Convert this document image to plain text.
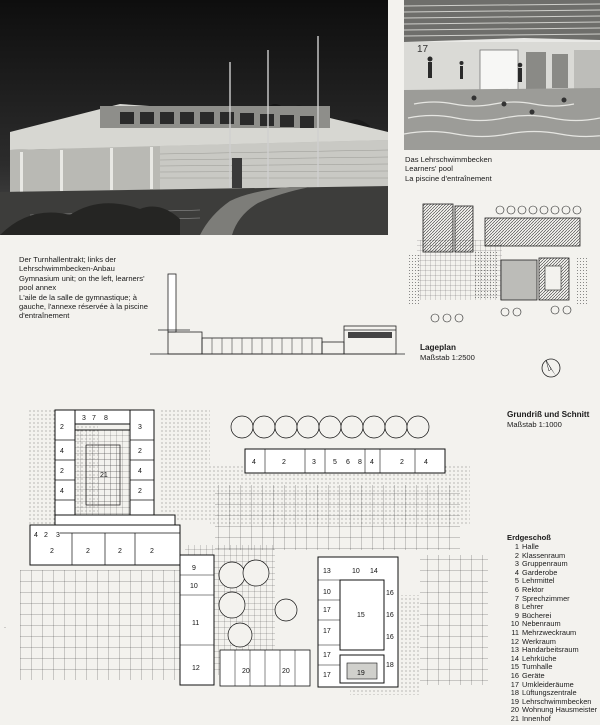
17
Das Lehrschwimmbecken
Learners' pool
La piscine d'entraînement
Lageplan
Maßstab 1:2500
Der Turnhallentrakt; links der
Lehrschwimmbecken-Anbau
Gymnasium unit; on the left, learners'
pool annex
L'aile de la salle de gymnastique; à
gauche, l'annexe réservée à la piscine
d'entraînement
Grundriß und Schnitt
Maßstab 1:1000
2
3 7 8
3
4
2
4
2
4
2
21
4 2 3
2	2	2	2
4	2	3 5 6 8 4	2	4
9
10
11
12
13	10 14
10
17
17
15
16
16
16
17
17	19
18
20	20
Erdgeschoß
1 Halle
2 Klassenraum
3 Gruppenraum
4 Garderobe
5 Lehrmittel
6 Rektor
7 Sprechzimmer
8 Lehrer
9 Bücherei
10 Nebenraum
11 Mehrzweckraum
12 Werkraum
13 Handarbeitsraum
14 Lehrküche
15 Turnhalle
16 Geräte
17 Umkleideräume
18 Lüftungszentrale
19 Lehrschwimmbecken
20 Wohnung Hausmeister
21 Innenhof
·
